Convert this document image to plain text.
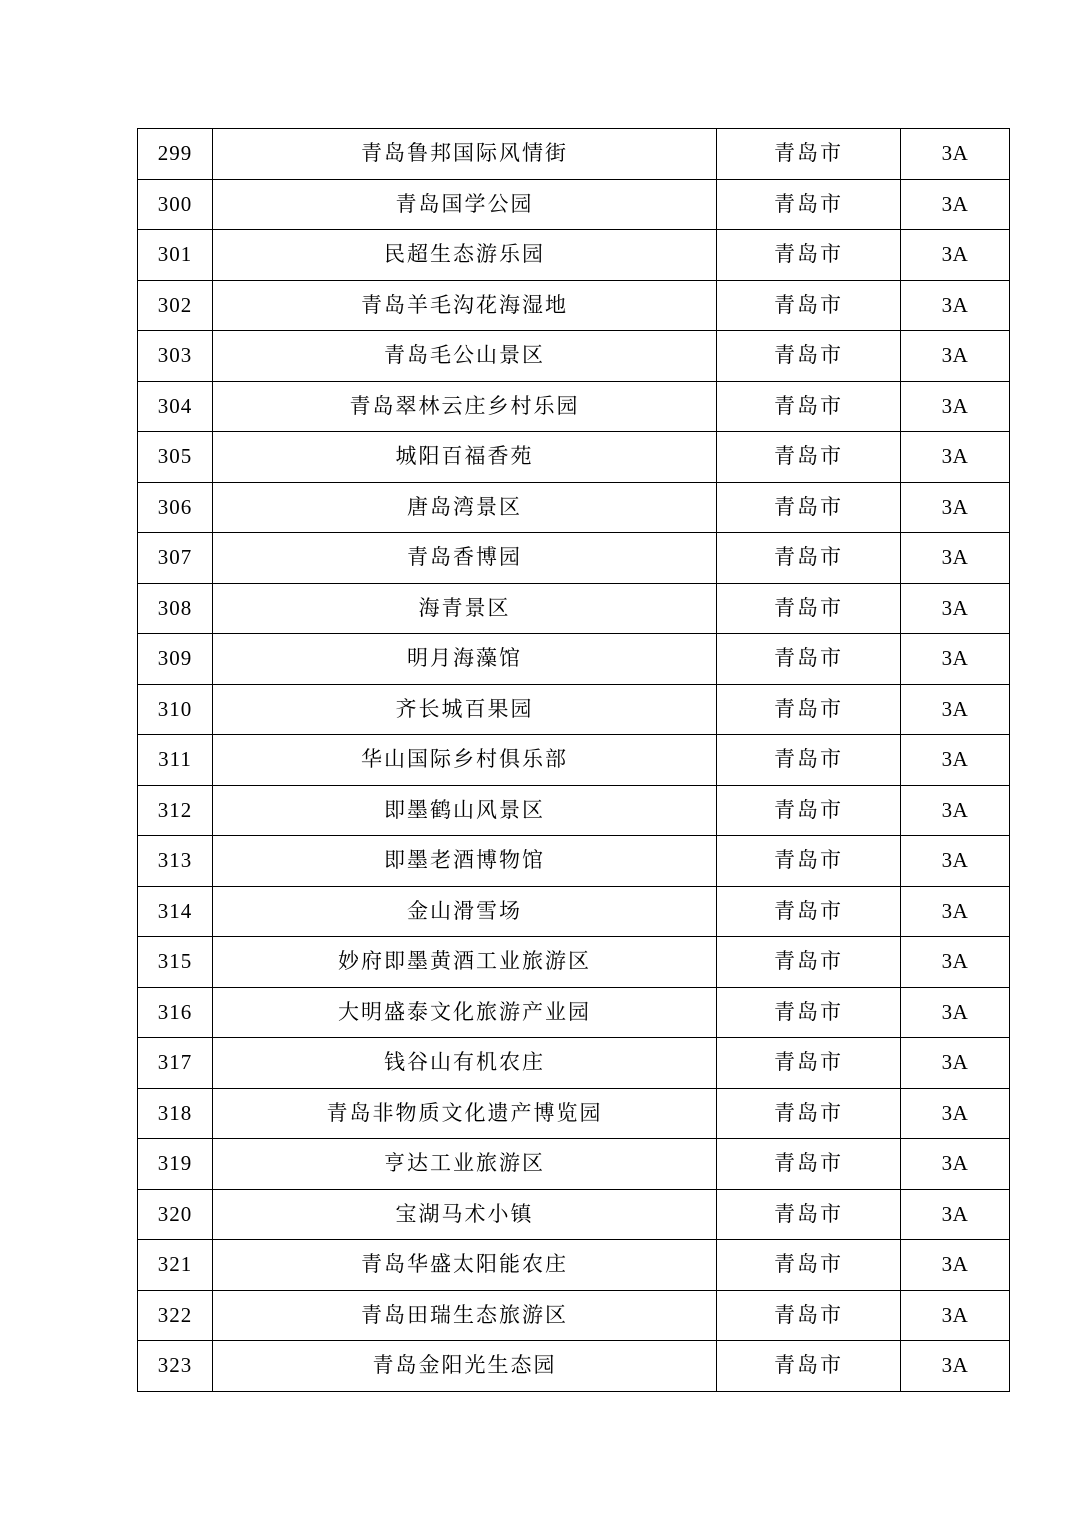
299	青岛鲁邦国际风情街	青岛市	3A
300	青岛国学公园	青岛市	3A
301	民超生态游乐园	青岛市	3A
302	青岛羊毛沟花海湿地	青岛市	3A
303	青岛毛公山景区	青岛市	3A
304	青岛翠林云庄乡村乐园	青岛市	3A
305	城阳百福香苑	青岛市	3A
306	唐岛湾景区	青岛市	3A
307	青岛香博园	青岛市	3A
308	海青景区	青岛市	3A
309	明月海藻馆	青岛市	3A
310	齐长城百果园	青岛市	3A
311	华山国际乡村俱乐部	青岛市	3A
312	即墨鹤山风景区	青岛市	3A
313	即墨老酒博物馆	青岛市	3A
314	金山滑雪场	青岛市	3A
315	妙府即墨黄酒工业旅游区	青岛市	3A
316	大明盛泰文化旅游产业园	青岛市	3A
317	钱谷山有机农庄	青岛市	3A
318	青岛非物质文化遗产博览园	青岛市	3A
319	亨达工业旅游区	青岛市	3A
320	宝湖马术小镇	青岛市	3A
321	青岛华盛太阳能农庄	青岛市	3A
322	青岛田瑞生态旅游区	青岛市	3A
323	青岛金阳光生态园	青岛市	3A
